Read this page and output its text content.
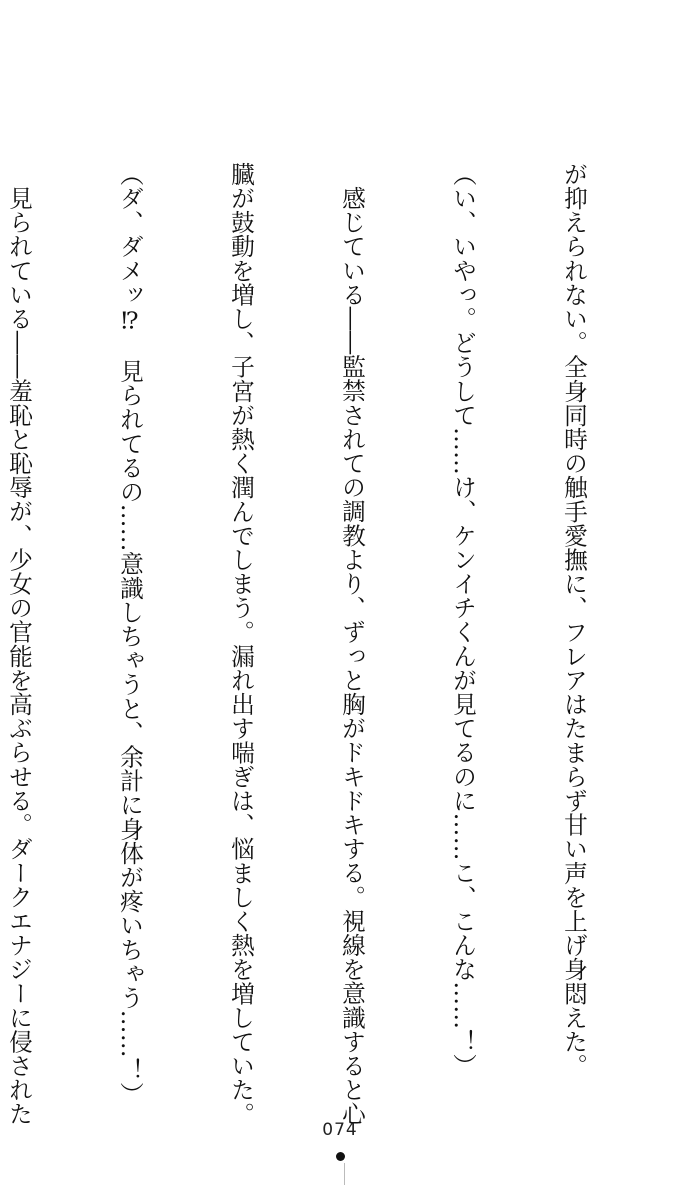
が抑えられない。全身同時の触手愛撫に、フレアはたまらず甘い声を上げ身悶えた。

（い、いやっ。どうして……け、ケンイチくんが見てるのに……こ、こんな……！）

　感じている――監禁されての調教より、ずっと胸がドキドキする。視線を意識すると心

臓が鼓動を増し、子宮が熱く潤んでしまう。漏れ出す喘ぎは、悩ましく熱を増していた。

（ダ、ダメッ⁉　見られてるの……意識しちゃうと、余計に身体が疼いちゃう……！）

　見られている――羞恥と恥辱が、少女の官能を高ぶらせる。ダークエナジーに侵された

074
